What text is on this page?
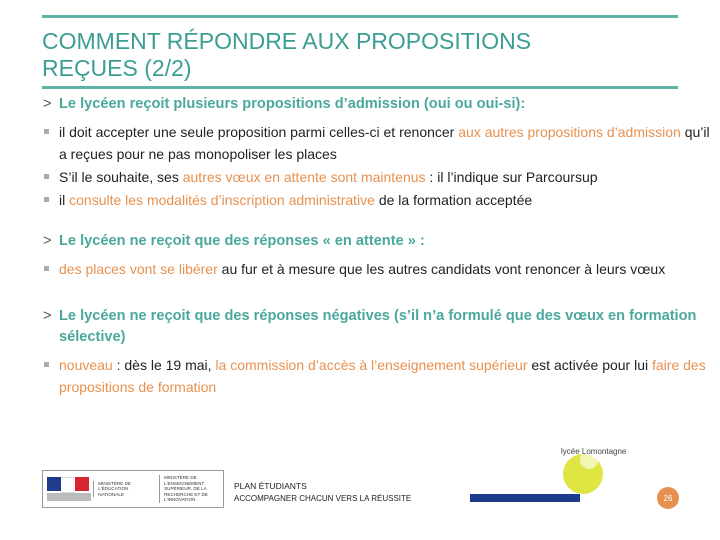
COMMENT RÉPONDRE AUX PROPOSITIONS
REÇUES (2/2)
> Le lycéen reçoit plusieurs propositions d’admission (oui ou oui-si):
il doit accepter une seule proposition parmi celles-ci et renoncer aux autres propositions d’admission qu’il a reçues pour ne pas monopoliser les places
S’il le souhaite, ses autres vœux en attente sont maintenus : il l’indique sur Parcoursup
il consulte les modalités d’inscription administrative de la formation acceptée
> Le lycéen ne reçoit que des réponses « en attente » :
des places vont se libérer au fur et à mesure que les autres candidats vont renoncer à leurs vœux
> Le lycéen ne reçoit que des réponses négatives (s’il n’a formulé que des vœux en formation sélective)
nouveau : dès le 19 mai, la commission d’accès à l’enseignement supérieur est activée pour lui faire des propositions de formation
lycée Lomontagne
MINISTÈRE DE L'ÉDUCATION NATIONALE
MINISTÈRE DE L'ENSEIGNEMENT SUPÉRIEUR, DE LA RECHERCHE ET DE L'INNOVATION
PLAN ÉTUDIANTS
ACCOMPAGNER CHACUN VERS LA RÉUSSITE	26
